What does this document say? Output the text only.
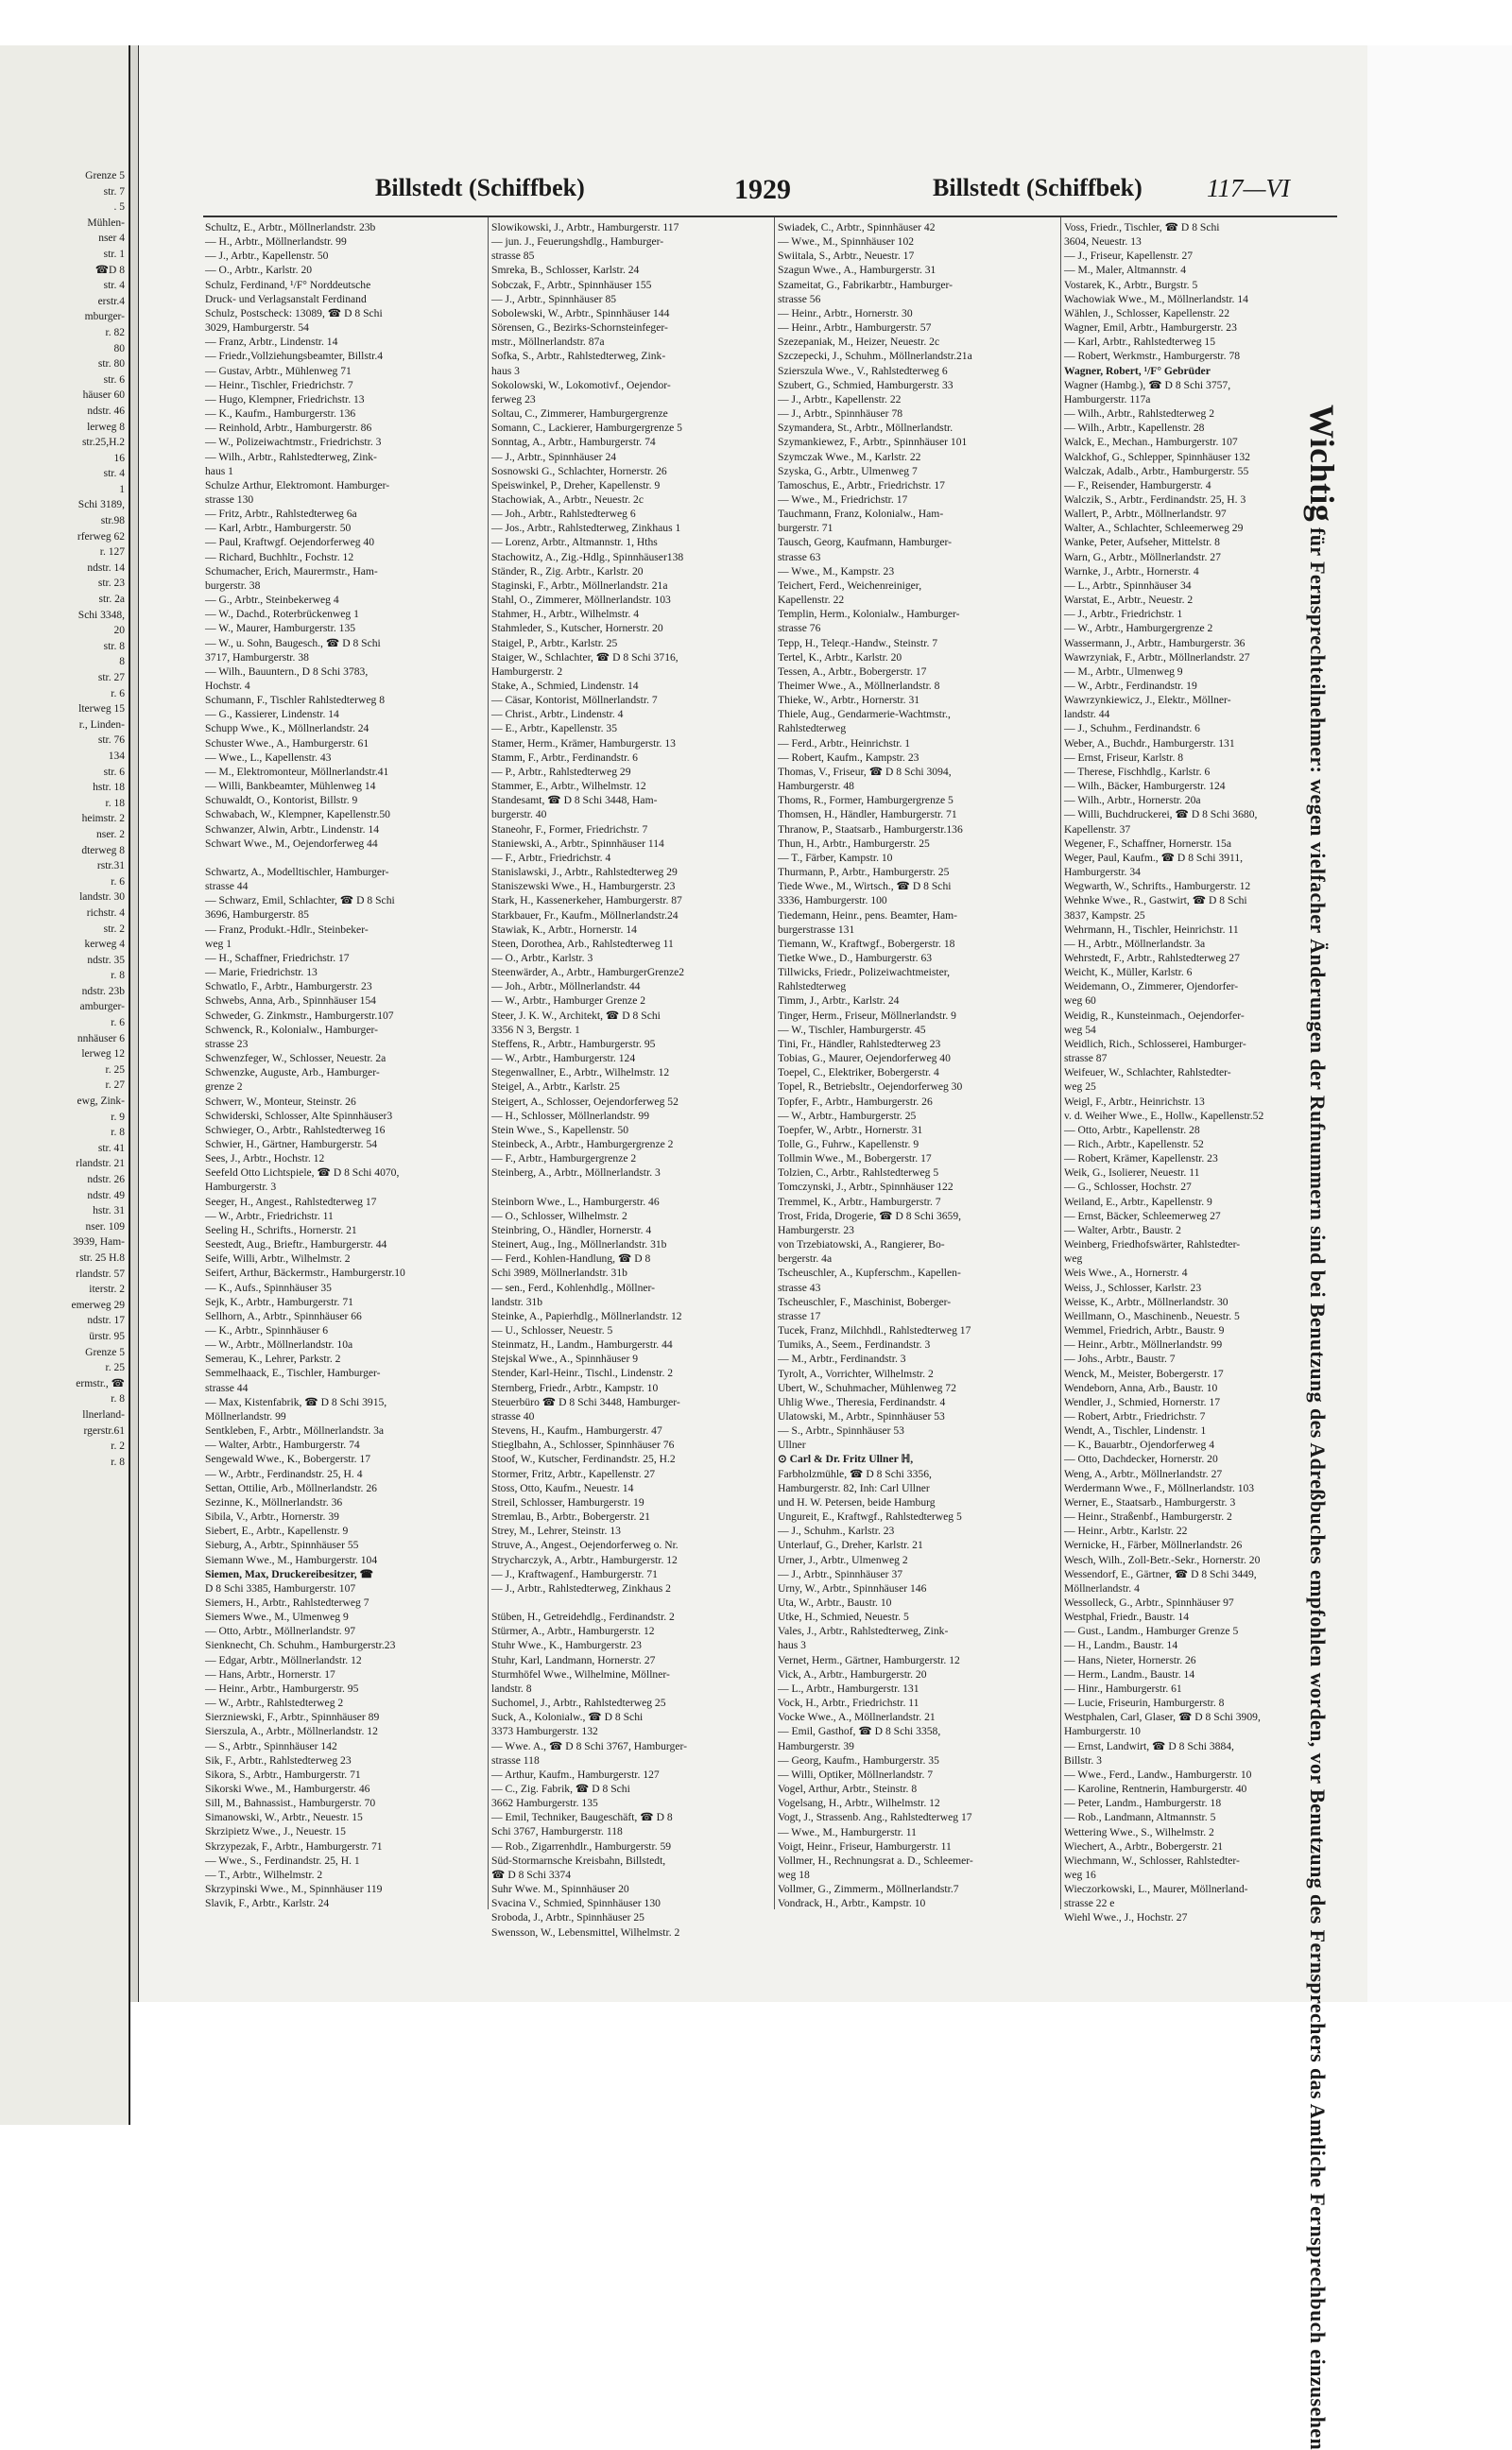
Grenze 5
str. 7
. 5
Mühlen-
nser 4
str. 1
☎D 8
str. 4
erstr.4
mburger-
r. 82
80
str. 80
str. 6
häuser 60
ndstr. 46
lerweg 8
str.25,H.2
16
str. 4
1
Schi 3189,
str.98
rferweg 62
r. 127
ndstr. 14
str. 23
str. 2a
Schi 3348,
20
str. 8
8
str. 27
r. 6
lterweg 15
r., Linden-
str. 76
134
str. 6
hstr. 18
r. 18
heimstr. 2
nser. 2
dterweg 8
rstr.31
r. 6
landstr. 30
richstr. 4
str. 2
kerweg 4
ndstr. 35
r. 8
ndstr. 23b
amburger-
r. 6
nnhäuser 6
lerweg 12
r. 25
r. 27
ewg, Zink-
r. 9
r. 8
str. 41
rlandstr. 21
ndstr. 26
ndstr. 49
hstr. 31
nser. 109
3939, Ham-
str. 25 H.8
rlandstr. 57
iterstr. 2
emerweg 29
ndstr. 17
ürstr. 95
Grenze 5
r. 25
ermstr., ☎
r. 8
llnerland-
rgerstr.61
r. 2
r. 8
Billstedt (Schiffbek)	1929	Billstedt (Schiffbek)	117—VI
Schultz, E., Arbtr., Möllnerlandstr. 23b
— H., Arbtr., Möllnerlandstr. 99
— J., Arbtr., Kapellenstr. 50
— O., Arbtr., Karlstr. 20
Schulz, Ferdinand, ¹/F° Norddeutsche
Druck- und Verlagsanstalt Ferdinand
Schulz, Postscheck: 13089, ☎ D 8 Schi
3029, Hamburgerstr. 54
— Franz, Arbtr., Lindenstr. 14
— Friedr.,Vollziehungsbeamter, Billstr.4
— Gustav, Arbtr., Mühlenweg 71
— Heinr., Tischler, Friedrichstr. 7
— Hugo, Klempner, Friedrichstr. 13
— K., Kaufm., Hamburgerstr. 136
— Reinhold, Arbtr., Hamburgerstr. 86
— W., Polizeiwachtmstr., Friedrichstr. 3
— Wilh., Arbtr., Rahlstedterweg, Zink-
haus 1
Schulze Arthur, Elektromont. Hamburger-
strasse 130
— Fritz, Arbtr., Rahlstedterweg 6a
— Karl, Arbtr., Hamburgerstr. 50
— Paul, Kraftwgf. Oejendorferweg 40
— Richard, Buchhltr., Fochstr. 12
Schumacher, Erich, Maurermstr., Ham-
burgerstr. 38
— G., Arbtr., Steinbekerweg 4
— W., Dachd., Roterbrückenweg 1
— W., Maurer, Hamburgerstr. 135
— W., u. Sohn, Baugesch., ☎ D 8 Schi
3717, Hamburgerstr. 38
— Wilh., Bauuntern., D 8 Schi 3783,
Hochstr. 4
Schumann, F., Tischler Rahlstedterweg 8
— G., Kassierer, Lindenstr. 14
Schupp Wwe., K., Möllnerlandstr. 24
Schuster Wwe., A., Hamburgerstr. 61
— Wwe., L., Kapellenstr. 43
— M., Elektromonteur, Möllnerlandstr.41
— Willi, Bankbeamter, Mühlenweg 14
Schuwaldt, O., Kontorist, Billstr. 9
Schwabach, W., Klempner, Kapellenstr.50
Schwanzer, Alwin, Arbtr., Lindenstr. 14
Schwart Wwe., M., Oejendorferweg 44
Schwartz, A., Modelltischler, Hamburger-
strasse 44
— Schwarz, Emil, Schlachter, ☎ D 8 Schi
3696, Hamburgerstr. 85
— Franz, Produkt.-Hdlr., Steinbeker-
weg 1
— H., Schaffner, Friedrichstr. 17
— Marie, Friedrichstr. 13
Schwatlo, F., Arbtr., Hamburgerstr. 23
Schwebs, Anna, Arb., Spinnhäuser 154
Schweder, G. Zinkmstr., Hamburgerstr.107
Schwenck, R., Kolonialw., Hamburger-
strasse 23
Schwenzfeger, W., Schlosser, Neuestr. 2a
Schwenzke, Auguste, Arb., Hamburger-
grenze 2
Schwerr, W., Monteur, Steinstr. 26
Schwiderski, Schlosser, Alte Spinnhäuser3
Schwieger, O., Arbtr., Rahlstedterweg 16
Schwier, H., Gärtner, Hamburgerstr. 54
Sees, J., Arbtr., Hochstr. 12
Seefeld Otto Lichtspiele, ☎ D 8 Schi 4070,
Hamburgerstr. 3
Seeger, H., Angest., Rahlstedterweg 17
— W., Arbtr., Friedrichstr. 11
Seeling H., Schrifts., Hornerstr. 21
Seestedt, Aug., Brieftr., Hamburgerstr. 44
Seife, Willi, Arbtr., Wilhelmstr. 2
Seifert, Arthur, Bäckermstr., Hamburgerstr.10
— K., Aufs., Spinnhäuser 35
Sejk, K., Arbtr., Hamburgerstr. 71
Sellhorn, A., Arbtr., Spinnhäuser 66
— K., Arbtr., Spinnhäuser 6
— W., Arbtr., Möllnerlandstr. 10a
Semerau, K., Lehrer, Parkstr. 2
Semmelhaack, E., Tischler, Hamburger-
strasse 44
— Max, Kistenfabrik, ☎ D 8 Schi 3915,
Möllnerlandstr. 99
Sentkleben, F., Arbtr., Möllnerlandstr. 3a
— Walter, Arbtr., Hamburgerstr. 74
Sengewald Wwe., K., Bobergerstr. 17
— W., Arbtr., Ferdinandstr. 25, H. 4
Settan, Ottilie, Arb., Möllnerlandstr. 26
Sezinne, K., Möllnerlandstr. 36
Sibila, V., Arbtr., Hornerstr. 39
Siebert, E., Arbtr., Kapellenstr. 9
Sieburg, A., Arbtr., Spinnhäuser 55
Siemann Wwe., M., Hamburgerstr. 104
Siemen, Max, Druckereibesitzer, ☎
D 8 Schi 3385, Hamburgerstr. 107
Siemers, H., Arbtr., Rahlstedterweg 7
Siemers Wwe., M., Ulmenweg 9
— Otto, Arbtr., Möllnerlandstr. 97
Sienknecht, Ch. Schuhm., Hamburgerstr.23
— Edgar, Arbtr., Möllnerlandstr. 12
— Hans, Arbtr., Hornerstr. 17
— Heinr., Arbtr., Hamburgerstr. 95
— W., Arbtr., Rahlstedterweg 2
Sierzniewski, F., Arbtr., Spinnhäuser 89
Sierszula, A., Arbtr., Möllnerlandstr. 12
— S., Arbtr., Spinnhäuser 142
Sik, F., Arbtr., Rahlstedterweg 23
Sikora, S., Arbtr., Hamburgerstr. 71
Sikorski Wwe., M., Hamburgerstr. 46
Sill, M., Bahnassist., Hamburgerstr. 70
Simanowski, W., Arbtr., Neuestr. 15
Skrzipietz Wwe., J., Neuestr. 15
Skrzypezak, F., Arbtr., Hamburgerstr. 71
— Wwe., S., Ferdinandstr. 25, H. 1
— T., Arbtr., Wilhelmstr. 2
Skrzypinski Wwe., M., Spinnhäuser 119
Slavik, F., Arbtr., Karlstr. 24
Slowikowski, J., Arbtr., Hamburgerstr. 117
— jun. J., Feuerungshdlg., Hamburger-
strasse 85
Smreka, B., Schlosser, Karlstr. 24
Sobczak, F., Arbtr., Spinnhäuser 155
— J., Arbtr., Spinnhäuser 85
Sobolewski, W., Arbtr., Spinnhäuser 144
Sörensen, G., Bezirks-Schornsteinfeger-
mstr., Möllnerlandstr. 87a
Sofka, S., Arbtr., Rahlstedterweg, Zink-
haus 3
Sokolowski, W., Lokomotivf., Oejendor-
ferweg 23
Soltau, C., Zimmerer, Hamburgergrenze
Somann, C., Lackierer, Hamburgergrenze 5
Sonntag, A., Arbtr., Hamburgerstr. 74
— J., Arbtr., Spinnhäuser 24
Sosnowski G., Schlachter, Hornerstr. 26
Speiswinkel, P., Dreher, Kapellenstr. 9
Stachowiak, A., Arbtr., Neuestr. 2c
— Joh., Arbtr., Rahlstedterweg 6
— Jos., Arbtr., Rahlstedterweg, Zinkhaus 1
— Lorenz, Arbtr., Altmannstr. 1, Hths
Stachowitz, A., Zig.-Hdlg., Spinnhäuser138
Ständer, R., Zig. Arbtr., Karlstr. 20
Staginski, F., Arbtr., Möllnerlandstr. 21a
Stahl, O., Zimmerer, Möllnerlandstr. 103
Stahmer, H., Arbtr., Wilhelmstr. 4
Stahmleder, S., Kutscher, Hornerstr. 20
Staigel, P., Arbtr., Karlstr. 25
Staiger, W., Schlachter, ☎ D 8 Schi 3716,
Hamburgerstr. 2
Stake, A., Schmied, Lindenstr. 14
— Cäsar, Kontorist, Möllnerlandstr. 7
— Christ., Arbtr., Lindenstr. 4
— E., Arbtr., Kapellenstr. 35
Stamer, Herm., Krämer, Hamburgerstr. 13
Stamm, F., Arbtr., Ferdinandstr. 6
— P., Arbtr., Rahlstedterweg 29
Stammer, E., Arbtr., Wilhelmstr. 12
Standesamt, ☎ D 8 Schi 3448, Ham-
burgerstr. 40
Staneohr, F., Former, Friedrichstr. 7
Staniewski, A., Arbtr., Spinnhäuser 114
— F., Arbtr., Friedrichstr. 4
Stanislawski, J., Arbtr., Rahlstedterweg 29
Staniszewski Wwe., H., Hamburgerstr. 23
Stark, H., Kassenerkeher, Hamburgerstr. 87
Starkbauer, Fr., Kaufm., Möllnerlandstr.24
Stawiak, K., Arbtr., Hornerstr. 14
Steen, Dorothea, Arb., Rahlstedterweg 11
— O., Arbtr., Karlstr. 3
Steenwärder, A., Arbtr., HamburgerGrenze2
— Joh., Arbtr., Möllnerlandstr. 44
— W., Arbtr., Hamburger Grenze 2
Steer, J. K. W., Architekt, ☎ D 8 Schi
3356 N 3, Bergstr. 1
Steffens, R., Arbtr., Hamburgerstr. 95
— W., Arbtr., Hamburgerstr. 124
Stegenwallner, E., Arbtr., Wilhelmstr. 12
Steigel, A., Arbtr., Karlstr. 25
Steigert, A., Schlosser, Oejendorferweg 52
— H., Schlosser, Möllnerlandstr. 99
Stein Wwe., S., Kapellenstr. 50
Steinbeck, A., Arbtr., Hamburgergrenze 2
— F., Arbtr., Hamburgergrenze 2
Steinberg, A., Arbtr., Möllnerlandstr. 3
Steinborn Wwe., L., Hamburgerstr. 46
— O., Schlosser, Wilhelmstr. 2
Steinbring, O., Händler, Hornerstr. 4
Steinert, Aug., Ing., Möllnerlandstr. 31b
— Ferd., Kohlen-Handlung, ☎ D 8
Schi 3989, Möllnerlandstr. 31b
— sen., Ferd., Kohlenhdlg., Möllner-
landstr. 31b
Steinke, A., Papierhdlg., Möllnerlandstr. 12
— U., Schlosser, Neuestr. 5
Steinmatz, H., Landm., Hamburgerstr. 44
Stejskal Wwe., A., Spinnhäuser 9
Stender, Karl-Heinr., Tischl., Lindenstr. 2
Sternberg, Friedr., Arbtr., Kampstr. 10
Steuerbüro ☎ D 8 Schi 3448, Hamburger-
strasse 40
Stevens, H., Kaufm., Hamburgerstr. 47
Stieglbahn, A., Schlosser, Spinnhäuser 76
Stoof, W., Kutscher, Ferdinandstr. 25, H.2
Stormer, Fritz, Arbtr., Kapellenstr. 27
Stoss, Otto, Kaufm., Neuestr. 14
Streil, Schlosser, Hamburgerstr. 19
Stremlau, B., Arbtr., Bobergerstr. 21
Strey, M., Lehrer, Steinstr. 13
Struve, A., Angest., Oejendorferweg o. Nr.
Strycharczyk, A., Arbtr., Hamburgerstr. 12
— J., Kraftwagenf., Hamburgerstr. 71
— J., Arbtr., Rahlstedterweg, Zinkhaus 2
Stüben, H., Getreidehdlg., Ferdinandstr. 2
Stürmer, A., Arbtr., Hamburgerstr. 12
Stuhr Wwe., K., Hamburgerstr. 23
Stuhr, Karl, Landmann, Hornerstr. 27
Sturmhöfel Wwe., Wilhelmine, Möllner-
landstr. 8
Suchomel, J., Arbtr., Rahlstedterweg 25
Suck, A., Kolonialw., ☎ D 8 Schi
3373 Hamburgerstr. 132
— Wwe. A., ☎ D 8 Schi 3767, Hamburger-
strasse 118
— Arthur, Kaufm., Hamburgerstr. 127
— C., Zig. Fabrik, ☎ D 8 Schi
3662 Hamburgerstr. 135
— Emil, Techniker, Baugeschäft, ☎ D 8
Schi 3767, Hamburgerstr. 118
— Rob., Zigarrenhdlr., Hamburgerstr. 59
Süd-Stormarnsche Kreisbahn, Billstedt,
☎ D 8 Schi 3374
Suhr Wwe. M., Spinnhäuser 20
Svacina V., Schmied, Spinnhäuser 130
Sroboda, J., Arbtr., Spinnhäuser 25
Swensson, W., Lebensmittel, Wilhelmstr. 2
Swiadek, C., Arbtr., Spinnhäuser 42
— Wwe., M., Spinnhäuser 102
Swiitala, S., Arbtr., Neuestr. 17
Szagun Wwe., A., Hamburgerstr. 31
Szameitat, G., Fabrikarbtr., Hamburger-
strasse 56
— Heinr., Arbtr., Hornerstr. 30
— Heinr., Arbtr., Hamburgerstr. 57
Szezepaniak, M., Heizer, Neuestr. 2c
Szczepecki, J., Schuhm., Möllnerlandstr.21a
Szierszula Wwe., V., Rahlstedterweg 6
Szubert, G., Schmied, Hamburgerstr. 33
— J., Arbtr., Kapellenstr. 22
— J., Arbtr., Spinnhäuser 78
Szymandera, St., Arbtr., Möllnerlandstr.
Szymankiewez, F., Arbtr., Spinnhäuser 101
Szymczak Wwe., M., Karlstr. 22
Szyska, G., Arbtr., Ulmenweg 7
Tamoschus, E., Arbtr., Friedrichstr. 17
— Wwe., M., Friedrichstr. 17
Tauchmann, Franz, Kolonialw., Ham-
burgerstr. 71
Tausch, Georg, Kaufmann, Hamburger-
strasse 63
— Wwe., M., Kampstr. 23
Teichert, Ferd., Weichenreiniger,
Kapellenstr. 22
Templin, Herm., Kolonialw., Hamburger-
strasse 76
Tepp, H., Teleqr.-Handw., Steinstr. 7
Tertel, K., Arbtr., Karlstr. 20
Tessen, A., Arbtr., Bobergerstr. 17
Theimer Wwe., A., Möllnerlandstr. 8
Thieke, W., Arbtr., Hornerstr. 31
Thiele, Aug., Gendarmerie-Wachtmstr.,
Rahlstedterweg
— Ferd., Arbtr., Heinrichstr. 1
— Robert, Kaufm., Kampstr. 23
Thomas, V., Friseur, ☎ D 8 Schi 3094,
Hamburgerstr. 48
Thoms, R., Former, Hamburgergrenze 5
Thomsen, H., Händler, Hamburgerstr. 71
Thranow, P., Staatsarb., Hamburgerstr.136
Thun, H., Arbtr., Hamburgerstr. 25
— T., Färber, Kampstr. 10
Thurmann, P., Arbtr., Hamburgerstr. 25
Tiede Wwe., M., Wirtsch., ☎ D 8 Schi
3336, Hamburgerstr. 100
Tiedemann, Heinr., pens. Beamter, Ham-
burgerstrasse 131
Tiemann, W., Kraftwgf., Bobergerstr. 18
Tietke Wwe., D., Hamburgerstr. 63
Tillwicks, Friedr., Polizeiwachtmeister,
Rahlstedterweg
Timm, J., Arbtr., Karlstr. 24
Tinger, Herm., Friseur, Möllnerlandstr. 9
— W., Tischler, Hamburgerstr. 45
Tini, Fr., Händler, Rahlstedterweg 23
Tobias, G., Maurer, Oejendorferweg 40
Toepel, C., Elektriker, Bobergerstr. 4
Topel, R., Betriebsltr., Oejendorferweg 30
Topfer, F., Arbtr., Hamburgerstr. 26
— W., Arbtr., Hamburgerstr. 25
Toepfer, W., Arbtr., Hornerstr. 31
Tolle, G., Fuhrw., Kapellenstr. 9
Tollmin Wwe., M., Bobergerstr. 17
Tolzien, C., Arbtr., Rahlstedterweg 5
Tomczynski, J., Arbtr., Spinnhäuser 122
Tremmel, K., Arbtr., Hamburgerstr. 7
Trost, Frida, Drogerie, ☎ D 8 Schi 3659,
Hamburgerstr. 23
von Trzebiatowski, A., Rangierer, Bo-
bergerstr. 4a
Tscheuschler, A., Kupferschm., Kapellen-
strasse 43
Tscheuschler, F., Maschinist, Boberger-
strasse 17
Tucek, Franz, Milchhdl., Rahlstedterweg 17
Tumiks, A., Seem., Ferdinandstr. 3
— M., Arbtr., Ferdinandstr. 3
Tyrolt, A., Vorrichter, Wilhelmstr. 2
Ubert, W., Schuhmacher, Mühlenweg 72
Uhlig Wwe., Theresia, Ferdinandstr. 4
Ulatowski, M., Arbtr., Spinnhäuser 53
— S., Arbtr., Spinnhäuser 53
Ullner
⊙ Carl & Dr. Fritz Ullner ℍ,
Farbholzmühle, ☎ D 8 Schi 3356,
Hamburgerstr. 82, Inh: Carl Ullner
und H. W. Petersen, beide Hamburg
Ungureit, E., Kraftwgf., Rahlstedterweg 5
— J., Schuhm., Karlstr. 23
Unterlauf, G., Dreher, Karlstr. 21
Urner, J., Arbtr., Ulmenweg 2
— J., Arbtr., Spinnhäuser 37
Urny, W., Arbtr., Spinnhäuser 146
Uta, W., Arbtr., Baustr. 10
Utke, H., Schmied, Neuestr. 5
Vales, J., Arbtr., Rahlstedterweg, Zink-
haus 3
Vernet, Herm., Gärtner, Hamburgerstr. 12
Vick, A., Arbtr., Hamburgerstr. 20
— L., Arbtr., Hamburgerstr. 131
Vock, H., Arbtr., Friedrichstr. 11
Vocke Wwe., A., Möllnerlandstr. 21
— Emil, Gasthof, ☎ D 8 Schi 3358,
Hamburgerstr. 39
— Georg, Kaufm., Hamburgerstr. 35
— Willi, Optiker, Möllnerlandstr. 7
Vogel, Arthur, Arbtr., Steinstr. 8
Vogelsang, H., Arbtr., Wilhelmstr. 12
Vogt, J., Strassenb. Ang., Rahlstedterweg 17
— Wwe., M., Hamburgerstr. 11
Voigt, Heinr., Friseur, Hamburgerstr. 11
Vollmer, H., Rechnungsrat a. D., Schleemer-
weg 18
Vollmer, G., Zimmerm., Möllnerlandstr.7
Vondrack, H., Arbtr., Kampstr. 10
Voss, Friedr., Tischler, ☎ D 8 Schi
3604, Neuestr. 13
— J., Friseur, Kapellenstr. 27
— M., Maler, Altmannstr. 4
Vostarek, K., Arbtr., Burgstr. 5
Wachowiak Wwe., M., Möllnerlandstr. 14
Wählen, J., Schlosser, Kapellenstr. 22
Wagner, Emil, Arbtr., Hamburgerstr. 23
— Karl, Arbtr., Rahlstedterweg 15
— Robert, Werkmstr., Hamburgerstr. 78
Wagner, Robert, ¹/F° Gebrüder
Wagner (Hambg.), ☎ D 8 Schi 3757,
Hamburgerstr. 117a
— Wilh., Arbtr., Rahlstedterweg 2
— Wilh., Arbtr., Kapellenstr. 28
Walck, E., Mechan., Hamburgerstr. 107
Walckhof, G., Schlepper, Spinnhäuser 132
Walczak, Adalb., Arbtr., Hamburgerstr. 55
— F., Reisender, Hamburgerstr. 4
Walczik, S., Arbtr., Ferdinandstr. 25, H. 3
Wallert, P., Arbtr., Möllnerlandstr. 97
Walter, A., Schlachter, Schleemerweg 29
Wanke, Peter, Aufseher, Mittelstr. 8
Warn, G., Arbtr., Möllnerlandstr. 27
Warnke, J., Arbtr., Hornerstr. 4
— L., Arbtr., Spinnhäuser 34
Warstat, E., Arbtr., Neuestr. 2
— J., Arbtr., Friedrichstr. 1
— W., Arbtr., Hamburgergrenze 2
Wassermann, J., Arbtr., Hamburgerstr. 36
Wawrzyniak, F., Arbtr., Möllnerlandstr. 27
— M., Arbtr., Ulmenweg 9
— W., Arbtr., Ferdinandstr. 19
Wawrzynkiewicz, J., Elektr., Möllner-
landstr. 44
— J., Schuhm., Ferdinandstr. 6
Weber, A., Buchdr., Hamburgerstr. 131
— Ernst, Friseur, Karlstr. 8
— Therese, Fischhdlg., Karlstr. 6
— Wilh., Bäcker, Hamburgerstr. 124
— Wilh., Arbtr., Hornerstr. 20a
— Willi, Buchdruckerei, ☎ D 8 Schi 3680,
Kapellenstr. 37
Wegener, F., Schaffner, Hornerstr. 15a
Weger, Paul, Kaufm., ☎ D 8 Schi 3911,
Hamburgerstr. 34
Wegwarth, W., Schrifts., Hamburgerstr. 12
Wehnke Wwe., R., Gastwirt, ☎ D 8 Schi
3837, Kampstr. 25
Wehrmann, H., Tischler, Heinrichstr. 11
— H., Arbtr., Möllnerlandstr. 3a
Wehrstedt, F., Arbtr., Rahlstedterweg 27
Weicht, K., Müller, Karlstr. 6
Weidemann, O., Zimmerer, Ojendorfer-
weg 60
Weidig, R., Kunsteinmach., Oejendorfer-
weg 54
Weidlich, Rich., Schlosserei, Hamburger-
strasse 87
Weifeuer, W., Schlachter, Rahlstedter-
weg 25
Weigl, F., Arbtr., Heinrichstr. 13
v. d. Weiher Wwe., E., Hollw., Kapellenstr.52
— Otto, Arbtr., Kapellenstr. 28
— Rich., Arbtr., Kapellenstr. 52
— Robert, Krämer, Kapellenstr. 23
Weik, G., Isolierer, Neuestr. 11
— G., Schlosser, Hochstr. 27
Weiland, E., Arbtr., Kapellenstr. 9
— Ernst, Bäcker, Schleemerweg 27
— Walter, Arbtr., Baustr. 2
Weinberg, Friedhofswärter, Rahlstedter-
weg
Weis Wwe., A., Hornerstr. 4
Weiss, J., Schlosser, Karlstr. 23
Weisse, K., Arbtr., Möllnerlandstr. 30
Weillmann, O., Maschinenb., Neuestr. 5
Wemmel, Friedrich, Arbtr., Baustr. 9
— Heinr., Arbtr., Möllnerlandstr. 99
— Johs., Arbtr., Baustr. 7
Wenck, M., Meister, Bobergerstr. 17
Wendeborn, Anna, Arb., Baustr. 10
Wendler, J., Schmied, Hornerstr. 17
— Robert, Arbtr., Friedrichstr. 7
Wendt, A., Tischler, Lindenstr. 1
— K., Bauarbtr., Ojendorferweg 4
— Otto, Dachdecker, Hornerstr. 20
Weng, A., Arbtr., Möllnerlandstr. 27
Werdermann Wwe., F., Möllnerlandstr. 103
Werner, E., Staatsarb., Hamburgerstr. 3
— Heinr., Straßenbf., Hamburgerstr. 2
— Heinr., Arbtr., Karlstr. 22
Wernicke, H., Färber, Möllnerlandstr. 26
Wesch, Wilh., Zoll-Betr.-Sekr., Hornerstr. 20
Wessendorf, E., Gärtner, ☎ D 8 Schi 3449,
Möllnerlandstr. 4
Wessolleck, G., Arbtr., Spinnhäuser 97
Westphal, Friedr., Baustr. 14
— Gust., Landm., Hamburger Grenze 5
— H., Landm., Baustr. 14
— Hans, Nieter, Hornerstr. 26
— Herm., Landm., Baustr. 14
— Hinr., Hamburgerstr. 61
— Lucie, Friseurin, Hamburgerstr. 8
Westphalen, Carl, Glaser, ☎ D 8 Schi 3909,
Hamburgerstr. 10
— Ernst, Landwirt, ☎ D 8 Schi 3884,
Billstr. 3
— Wwe., Ferd., Landw., Hamburgerstr. 10
— Karoline, Rentnerin, Hamburgerstr. 40
— Peter, Landm., Hamburgerstr. 18
— Rob., Landmann, Altmannstr. 5
Wettering Wwe., S., Wilhelmstr. 2
Wiechert, A., Arbtr., Bobergerstr. 21
Wiechmann, W., Schlosser, Rahlstedter-
weg 16
Wieczorkowski, L., Maurer, Möllnerland-
strasse 22 e
Wiehl Wwe., J., Hochstr. 27
Wichtig für Fernsprechteilnehmer: wegen vielfacher Änderungen der Rufnummern sind bei Benutzung des Adreßbuches empfohlen worden, vor Benutzung des Fernsprechers das Amtliche Fernsprechbuch einzusehen
